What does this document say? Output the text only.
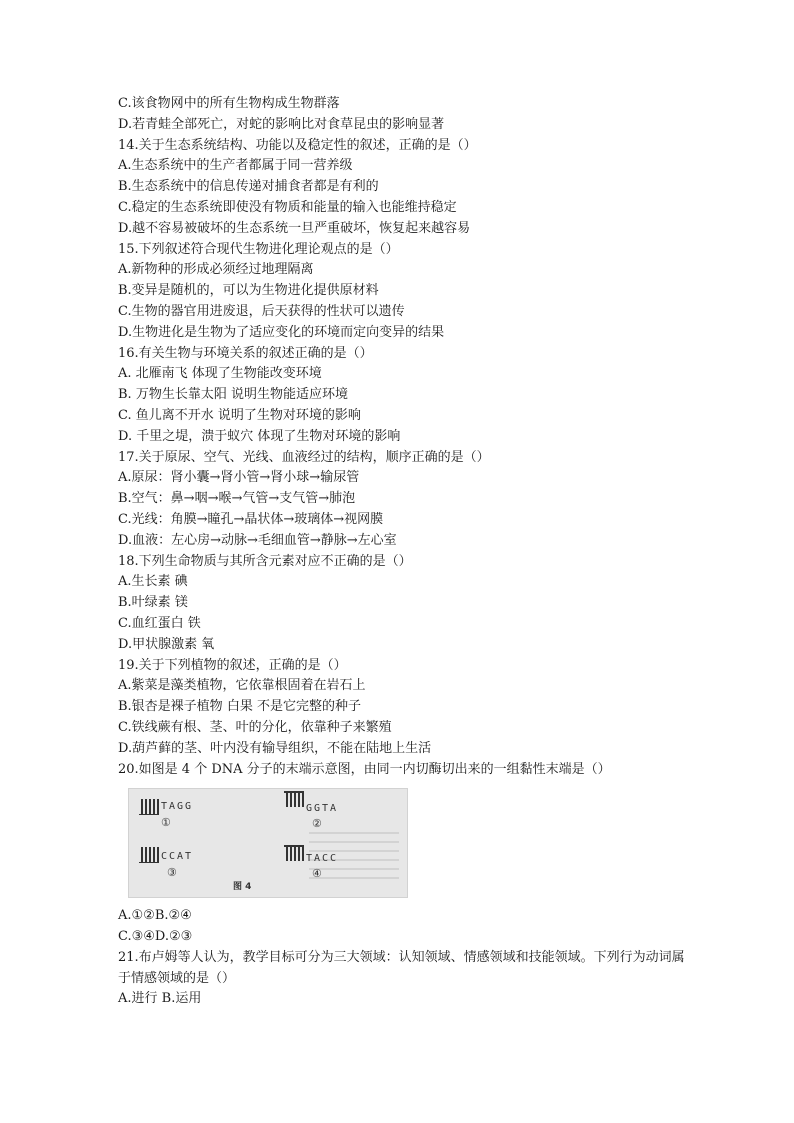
C.该食物网中的所有生物构成生物群落
D.若青蛙全部死亡，对蛇的影响比对食草昆虫的影响显著
14.关于生态系统结构、功能以及稳定性的叙述，正确的是（）
A.生态系统中的生产者都属于同一营养级
B.生态系统中的信息传递对捕食者都是有利的
C.稳定的生态系统即使没有物质和能量的输入也能维持稳定
D.越不容易被破坏的生态系统一旦严重破坏，恢复起来越容易
15.下列叙述符合现代生物进化理论观点的是（）
A.新物种的形成必须经过地理隔离
B.变异是随机的，可以为生物进化提供原材料
C.生物的器官用进废退，后天获得的性状可以遗传
D.生物进化是生物为了适应变化的环境而定向变异的结果
16.有关生物与环境关系的叙述正确的是（）
A. 北雁南飞 体现了生物能改变环境
B. 万物生长靠太阳 说明生物能适应环境
C. 鱼儿离不开水 说明了生物对环境的影响
D. 千里之堤，溃于蚁穴 体现了生物对环境的影响
17.关于原尿、空气、光线、血液经过的结构，顺序正确的是（）
A.原尿：肾小囊→肾小管→肾小球→输尿管
B.空气：鼻→咽→喉→气管→支气管→肺泡
C.光线：角膜→瞳孔→晶状体→玻璃体→视网膜
D.血液：左心房→动脉→毛细血管→静脉→左心室
18.下列生命物质与其所含元素对应不正确的是（）
A.生长素 碘
B.叶绿素 镁
C.血红蛋白 铁
D.甲状腺激素 氧
19.关于下列植物的叙述，正确的是（）
A.紫菜是藻类植物，它依靠根固着在岩石上
B.银杏是裸子植物 白果 不是它完整的种子
C.铁线蕨有根、茎、叶的分化，依靠种子来繁殖
D.葫芦藓的茎、叶内没有输导组织，不能在陆地上生活
20.如图是 4 个 DNA 分子的末端示意图，由同一内切酶切出来的一组黏性末端是（）
TAGG
①
GGTA
②
CCAT
③
TACC
④
图 4
A.①②B.②④
C.③④D.②③
21.布卢姆等人认为，教学目标可分为三大领域：认知领域、情感领域和技能领域。下列行为动词属于情感领域的是（）
A.进行 B.运用
